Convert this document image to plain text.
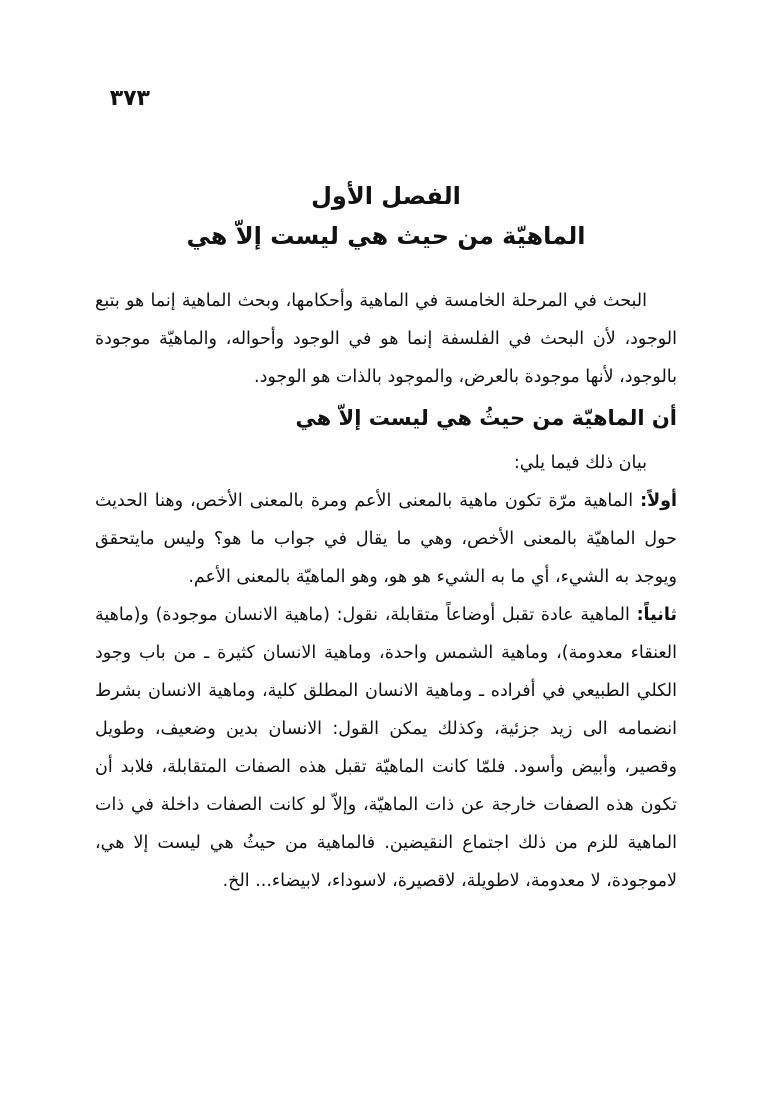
٣٧٣
الفصل الأول
الماهيّة من حيث هي ليست إلاّ هي

البحث في المرحلة الخامسة في الماهية وأحكامها، وبحث الماهية إنما هو بتبع الوجود، لأن البحث في الفلسفة إنما هو في الوجود وأحواله، والماهيّة موجودة بالوجود، لأنها موجودة بالعرض، والموجود بالذات هو الوجود.

أن الماهيّة من حيثُ هي ليست إلاّ هي

بيان ذلك فيما يلي:

أولاً: الماهية مرّة تكون ماهية بالمعنى الأعم ومرة بالمعنى الأخص، وهنا الحديث حول الماهيّة بالمعنى الأخص، وهي ما يقال في جواب ما هو؟ وليس مايتحقق ويوجد به الشيء، أي ما به الشيء هو هو، وهو الماهيّة بالمعنى الأعم.

ثانياً: الماهية عادة تقبل أوضاعاً متقابلة، نقول: (ماهية الانسان موجودة) و(ماهية العنقاء معدومة)، وماهية الشمس واحدة، وماهية الانسان كثيرة ـ من باب وجود الكلي الطبيعي في أفراده ـ وماهية الانسان المطلق كلية، وماهية الانسان بشرط انضمامه الى زيد جزئية، وكذلك يمكن القول: الانسان بدين وضعيف، وطويل وقصير، وأبيض وأسود. فلمّا كانت الماهيّة تقبل هذه الصفات المتقابلة، فلابد أن تكون هذه الصفات خارجة عن ذات الماهيّة، وإلاّ لو كانت الصفات داخلة في ذات الماهية للزم من ذلك اجتماع النقيضين. فالماهية من حيثُ هي ليست إلا هي، لاموجودة، لا معدومة، لاطويلة، لاقصيرة، لاسوداء، لابيضاء... الخ.
